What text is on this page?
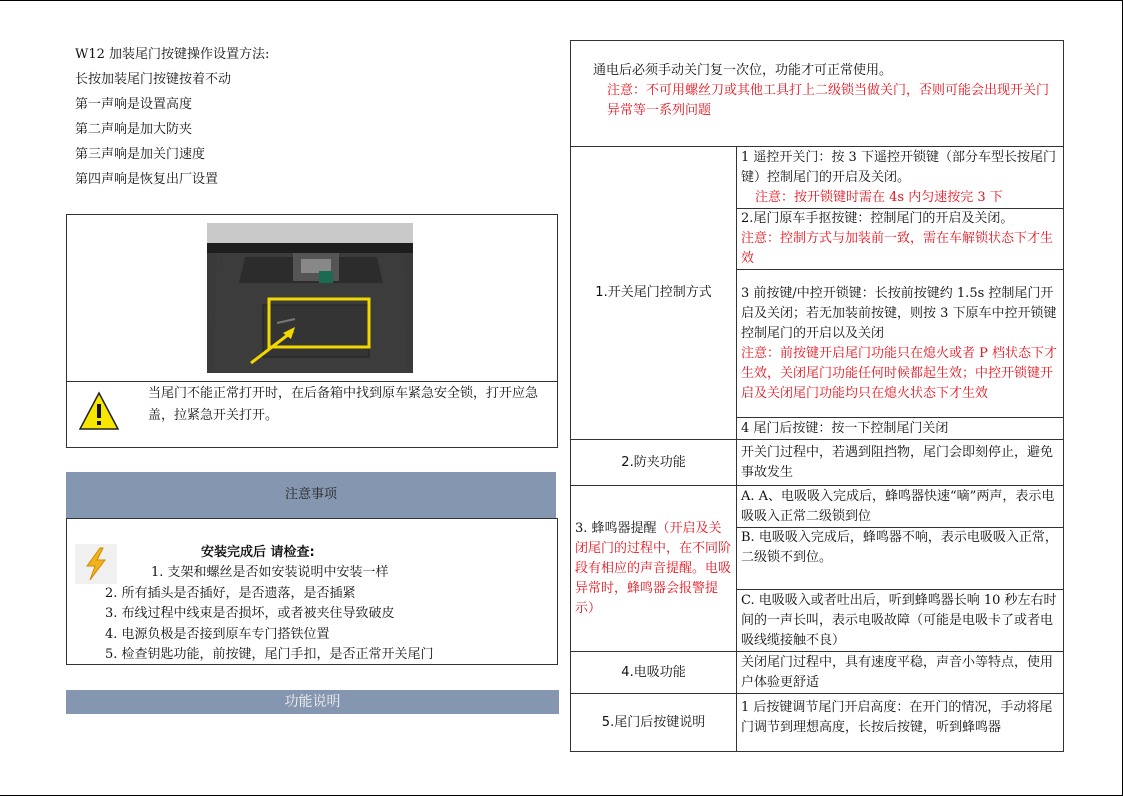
W12 加装尾门按键操作设置方法:
长按加装尾门按键按着不动
第一声响是设置高度
第二声响是加大防夹
第三声响是加关门速度
第四声响是恢复出厂设置
当尾门不能正常打开时，在后备箱中找到原车紧急安全锁，打开应急盖，拉紧急开关打开。
注意事项
安装完成后 请检查:
1. 支架和螺丝是否如安装说明中安装一样
2. 所有插头是否插好，是否遗落，是否插紧
3. 布线过程中线束是否损坏，或者被夹住导致破皮
4. 电源负极是否接到原车专门搭铁位置
5. 检查钥匙功能，前按键，尾门手扣，是否正常开关尾门
功能说明
通电后必须手动关门复一次位，功能才可正常使用。
注意：不可用螺丝刀或其他工具打上二级锁当做关门，否则可能会出现开关门异常等一系列问题	

1.开关尾门控制方式	1 遥控开关门：按 3 下遥控开锁键（部分车型长按尾门键）控制尾门的开启及关闭。
注意：按开锁键时需在 4s 内匀速按完 3 下

	2.尾门原车手抠按键：控制尾门的开启及关闭。
注意：控制方式与加装前一致，需在车解锁状态下才生效

	3 前按键/中控开锁键：长按前按键约 1.5s 控制尾门开启及关闭；若无加装前按键，则按 3 下原车中控开锁键控制尾门的开启以及关闭
注意：前按键开启尾门功能只在熄火或者 P 档状态下才生效，关闭尾门功能任何时候都起生效；中控开锁键开启及关闭尾门功能均只在熄火状态下才生效

	4 尾门后按键：按一下控制尾门关闭
2.防夹功能	开关门过程中，若遇到阻挡物，尾门会即刻停止，避免事故发生
3. 蜂鸣器提醒（开启及关闭尾门的过程中，在不同阶段有相应的声音提醒。电吸异常时，蜂鸣器会报警提示）	A. A、电吸吸入完成后，蜂鸣器快速“嘀”两声，表示电吸吸入正常二级锁到位
	B. 电吸吸入完成后，蜂鸣器不响，表示电吸吸入正常，二级锁不到位。
	C. 电吸吸入或者吐出后，听到蜂鸣器长响 10 秒左右时间的一声长叫，表示电吸故障（可能是电吸卡了或者电吸线缆接触不良）
4.电吸功能	关闭尾门过程中，具有速度平稳，声音小等特点，使用户体验更舒适
5.尾门后按键说明	1 后按键调节尾门开启高度：在开门的情况，手动将尾门调节到理想高度，长按后按键，听到蜂鸣器
